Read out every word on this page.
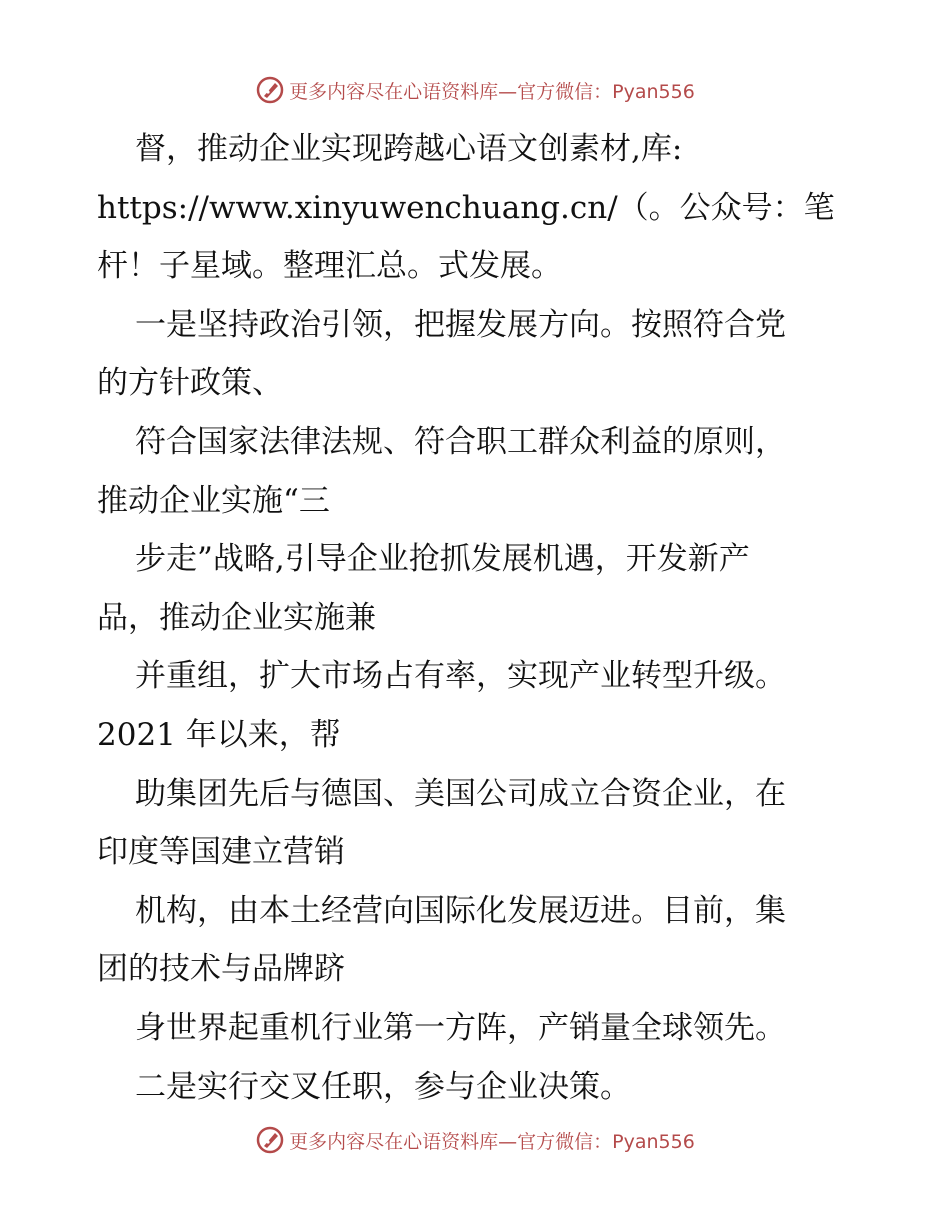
更多内容尽在心语资料库—官方微信：Pyan556
督，推动企业实现跨越心语文创素材,库:
https://www.xinyuwenchuang.cn/（。公众号：笔
杆！子星域。整理汇总。式发展。
一是坚持政治引领，把握发展方向。按照符合党
的方针政策、
符合国家法律法规、符合职工群众利益的原则，
推动企业实施“三
步走”战略,引导企业抢抓发展机遇，开发新产
品，推动企业实施兼
并重组，扩大市场占有率，实现产业转型升级。
2021 年以来，帮
助集团先后与德国、美国公司成立合资企业，在
印度等国建立营销
机构，由本土经营向国际化发展迈进。目前，集
团的技术与品牌跻
身世界起重机行业第一方阵，产销量全球领先。
二是实行交叉任职，参与企业决策。
更多内容尽在心语资料库—官方微信：Pyan556
